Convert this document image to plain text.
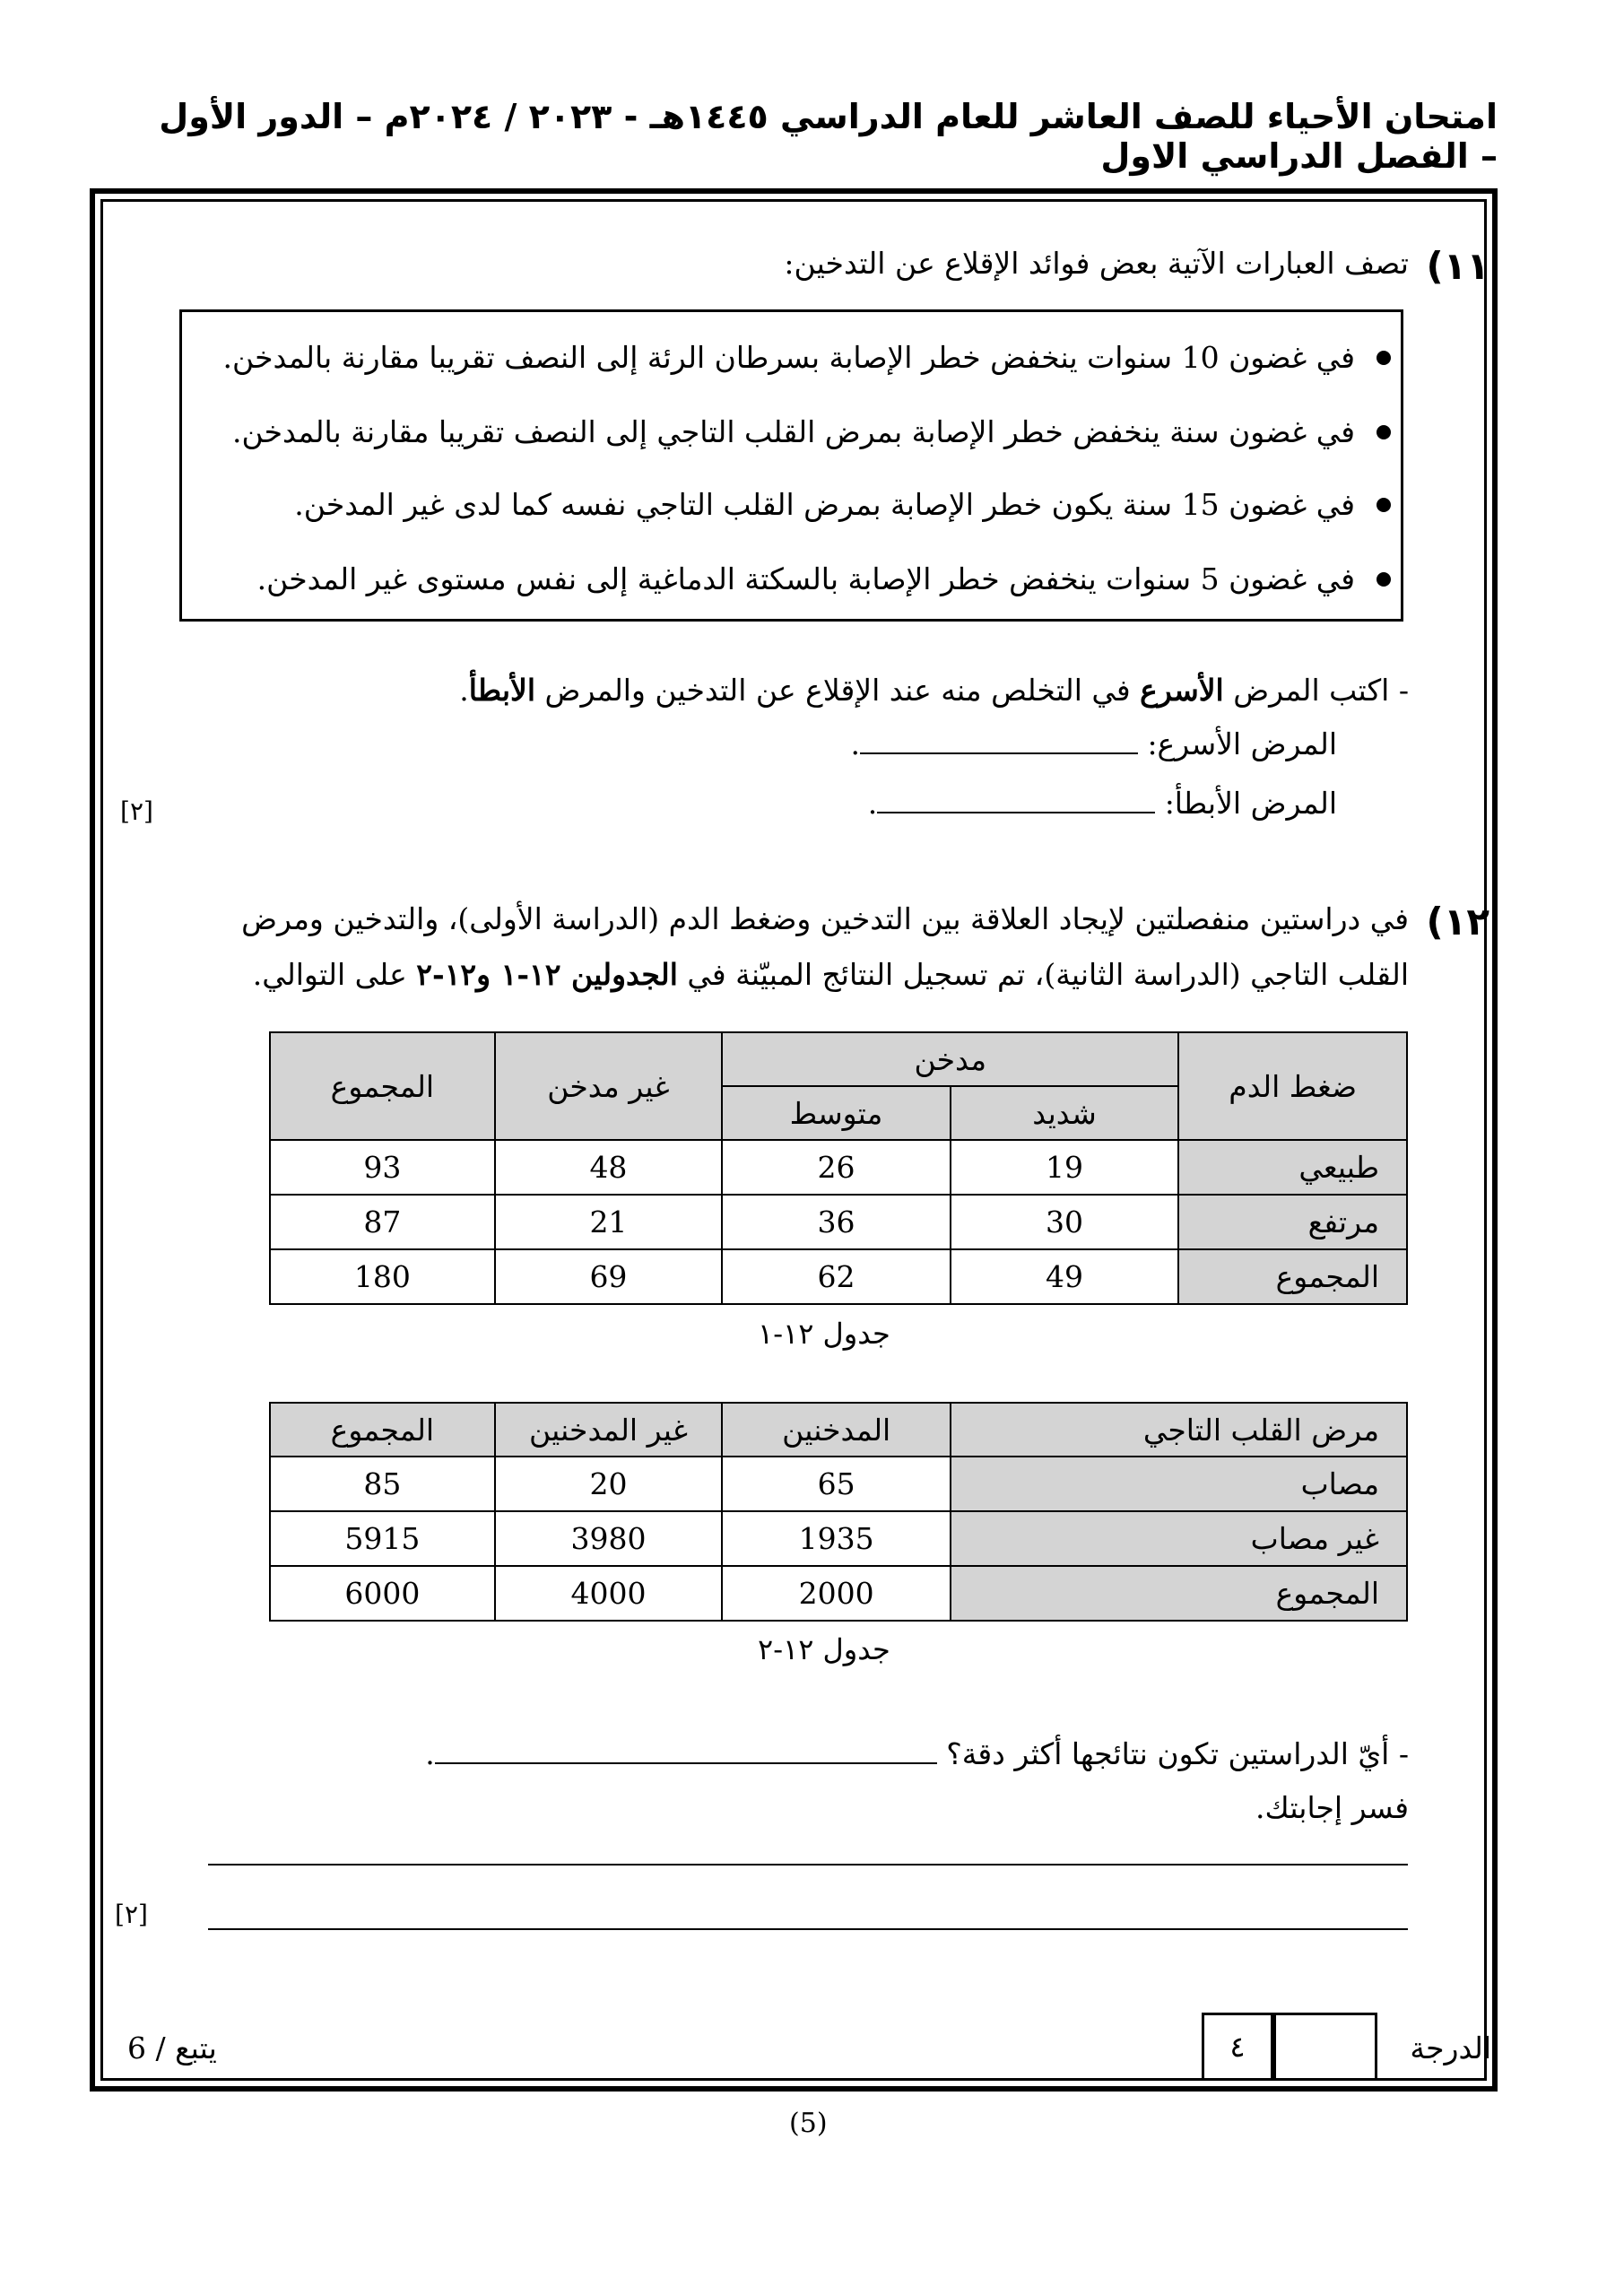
امتحان الأحياء للصف العاشر للعام الدراسي ١٤٤٥هـ - ٢٠٢٣ / ٢٠٢٤م – الدور الأول – الفصل الدراسي الاول
١١)
تصف العبارات الآتية بعض فوائد الإقلاع عن التدخين:
في غضون 10 سنوات ينخفض خطر الإصابة بسرطان الرئة إلى النصف تقريبا مقارنة بالمدخن.
في غضون سنة ينخفض خطر الإصابة بمرض القلب التاجي إلى النصف تقريبا مقارنة بالمدخن.
في غضون 15 سنة يكون خطر الإصابة بمرض القلب التاجي نفسه كما لدى غير المدخن.
في غضون 5 سنوات ينخفض خطر الإصابة بالسكتة الدماغية إلى نفس مستوى غير المدخن.
- اكتب المرض الأسرع في التخلص منه عند الإقلاع عن التدخين والمرض الأبطأ.
المرض الأسرع: .
المرض الأبطأ: .
[٢]
١٢)
في دراستين منفصلتين لإيجاد العلاقة بين التدخين وضغط الدم (الدراسة الأولى)، والتدخين ومرض
القلب التاجي (الدراسة الثانية)، تم تسجيل النتائج المبيّنة في الجدولين ١٢-١ و١٢-٢ على التوالي.
ضغط الدم	مدخن		غير مدخن	المجموع
	شديد	متوسط		
طبيعي	19	26	48	93
مرتفع	30	36	21	87
المجموع	49	62	69	180
جدول ١٢-١
مرض القلب التاجي	المدخنين	غير المدخنين	المجموع
مصاب	65	20	85
غير مصاب	1935	3980	5915
المجموع	2000	4000	6000
جدول ١٢-٢
- أيّ الدراستين تكون نتائجها أكثر دقة؟ .
فسر إجابتك.
[٢]
الدرجة
٤
يتبع / 6
(5)
